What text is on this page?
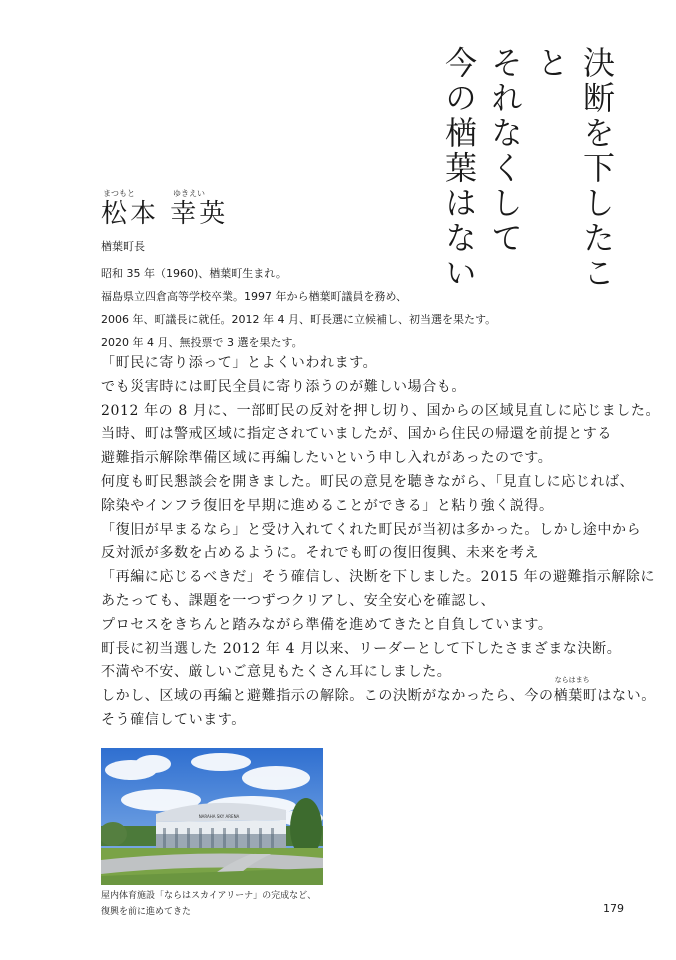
決断を下したこと
それなくして
今の楢葉はない
まつもと	ゆきえい
松本 幸英
楢葉町長
昭和 35 年（1960)、楢葉町生まれ。
福島県立四倉高等学校卒業。1997 年から楢葉町議員を務め、
2006 年、町議長に就任。2012 年 4 月、町長選に立候補し、初当選を果たす。
2020 年 4 月、無投票で 3 選を果たす。
「町民に寄り添って」とよくいわれます。
でも災害時には町民全員に寄り添うのが難しい場合も。
2012 年の 8 月に、一部町民の反対を押し切り、国からの区域見直しに応じました。
当時、町は警戒区域に指定されていましたが、国から住民の帰還を前提とする
避難指示解除準備区域に再編したいという申し入れがあったのです。
何度も町民懇談会を開きました。町民の意見を聴きながら、「見直しに応じれば、
除染やインフラ復旧を早期に進めることができる」と粘り強く説得。
「復旧が早まるなら」と受け入れてくれた町民が当初は多かった。しかし途中から
反対派が多数を占めるように。それでも町の復旧復興、未来を考え
「再編に応じるべきだ」そう確信し、決断を下しました。2015 年の避難指示解除に
あたっても、課題を一つずつクリアし、安全安心を確認し、
プロセスをきちんと踏みながら準備を進めてきたと自負しています。
町長に初当選した 2012 年 4 月以来、リーダーとして下したさまざまな決断。
不満や不安、厳しいご意見もたくさん耳にしました。
しかし、区域の再編と避難指示の解除。この決断がなかったら、今の
ならはまち
楢葉町はない。
そう確信しています。
NARAHA SKY ARENA
屋内体育施設「ならはスカイアリーナ」の完成など、
復興を前に進めてきた	179
